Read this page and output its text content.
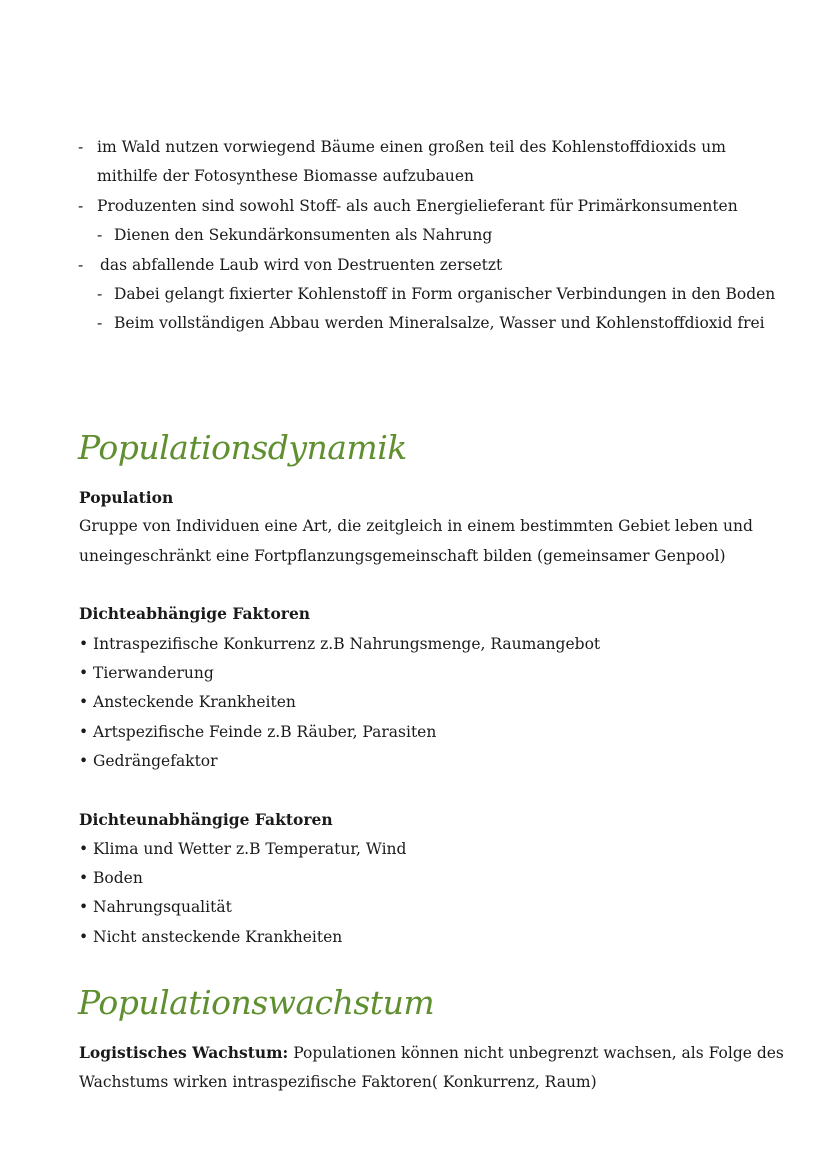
- im Wald nutzen vorwiegend Bäume einen großen teil des Kohlenstoffdioxids um
mithilfe der Fotosynthese Biomasse aufzubauen
- Produzenten sind sowohl Stoff- als auch Energielieferant für Primärkonsumenten
- Dienen den Sekundärkonsumenten als Nahrung
- das abfallende Laub wird von Destruenten zersetzt
- Dabei gelangt fixierter Kohlenstoff in Form organischer Verbindungen in den Boden
- Beim vollständigen Abbau werden Mineralsalze, Wasser und Kohlenstoffdioxid frei
Populationsdynamik
Population
Gruppe von Individuen eine Art, die zeitgleich in einem bestimmten Gebiet leben und
uneingeschränkt eine Fortpflanzungsgemeinschaft bilden (gemeinsamer Genpool)
Dichteabhängige Faktoren
• Intraspezifische Konkurrenz z.B Nahrungsmenge, Raumangebot
• Tierwanderung
• Ansteckende Krankheiten
• Artspezifische Feinde z.B Räuber, Parasiten
• Gedrängefaktor
Dichteunabhängige Faktoren
• Klima und Wetter z.B Temperatur, Wind
• Boden
• Nahrungsqualität
• Nicht ansteckende Krankheiten
Populationswachstum
Logistisches Wachstum: Populationen können nicht unbegrenzt wachsen, als Folge des
Wachstums wirken intraspezifische Faktoren( Konkurrenz, Raum)
